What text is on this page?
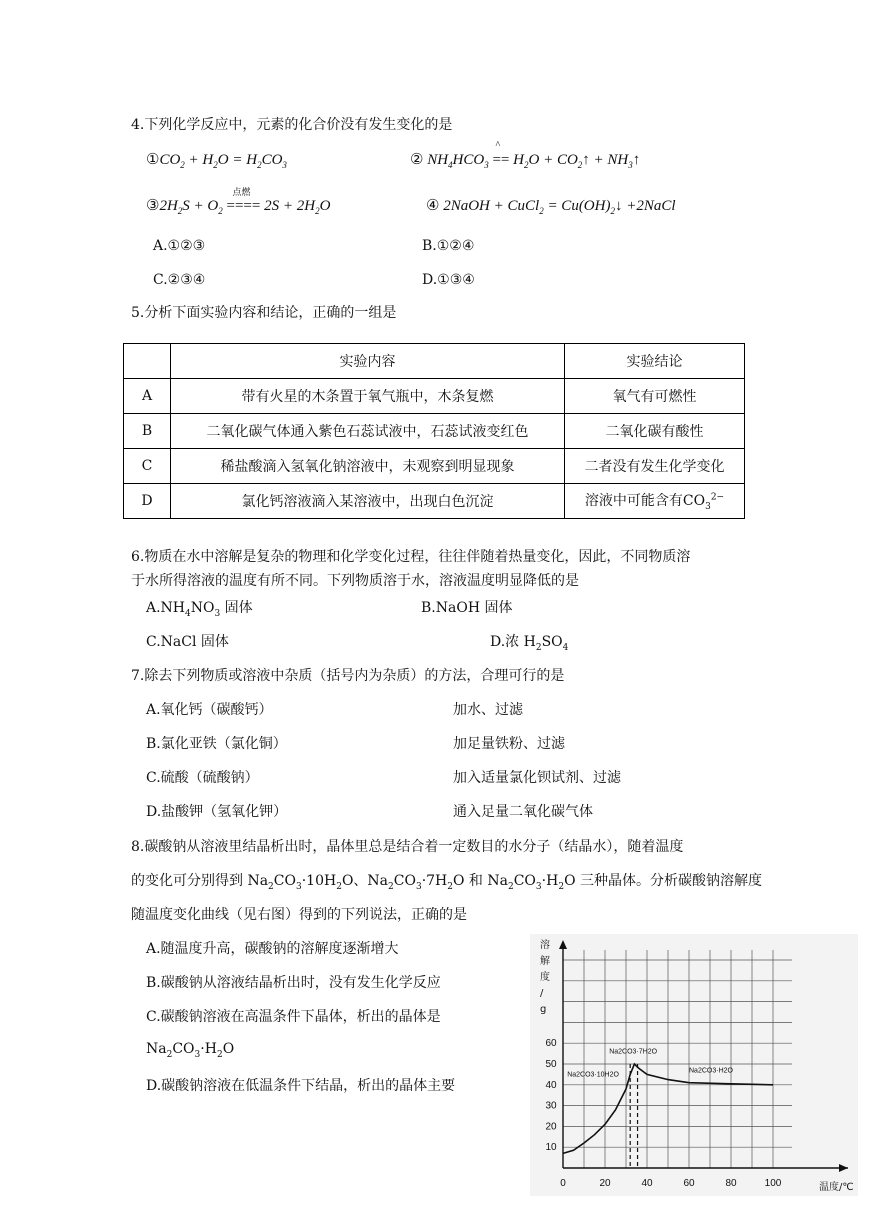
4.下列化学反应中，元素的化合价没有发生变化的是
$①CO_2 + H_2O = H_2CO_3$	② $NH_4HCO_3$
^
== $H_2O$ + $CO_2↑$ + $NH_3↑$
$③2H_2S + O_2$
点燃
==== $2S + 2H_2O$	④ 2NaOH + CuCl$_2$ = $Cu(OH)_2↓$ +2NaCl
A.①②③	B.①②④
C.②③④	D.①③④
5.分析下面实验内容和结论，正确的一组是
	实验内容	实验结论
A	带有火星的木条置于氧气瓶中，木条复燃	氧气有可燃性
B	二氧化碳气体通入紫色石蕊试液中，石蕊试液变红色	二氧化碳有酸性
C	稀盐酸滴入氢氧化钠溶液中，未观察到明显现象	二者没有发生化学变化
D	氯化钙溶液滴入某溶液中，出现白色沉淀	溶液中可能含有$CO_3^{2-}$
6.物质在水中溶解是复杂的物理和化学变化过程，往往伴随着热量变化，因此，不同物质溶
于水所得溶液的温度有所不同。下列物质溶于水，溶液温度明显降低的是
$A.NH_4NO_3$ 固体	B.NaOH 固体
C.NaCl 固体	D.浓 $H_2SO_4$
7.除去下列物质或溶液中杂质（括号内为杂质）的方法，合理可行的是
A.氧化钙（碳酸钙）	加水、过滤
B.氯化亚铁（氯化铜）	加足量铁粉、过滤
C.硫酸（硫酸钠）	加入适量氯化钡试剂、过滤
D.盐酸钾（氢氧化钾）	通入足量二氧化碳气体
8.碳酸钠从溶液里结晶析出时，晶体里总是结合着一定数目的水分子（结晶水），随着温度
的变化可分别得到 $Na_2CO_3\cdot 10H_2O$、$Na_2CO_3\cdot 7H_2O$ 和 $Na_2CO_3\cdot H_2O$ 三种晶体。分析碳酸钠溶解度
随温度变化曲线（见右图）得到的下列说法，正确的是
A.随温度升高，碳酸钠的溶解度逐渐增大
B.碳酸钠从溶液结晶析出时，没有发生化学反应
C.碳酸钠溶液在高温条件下晶体，析出的晶体是
$Na_2CO_3\cdot H_2O$
D.碳酸钠溶液在低温条件下结晶，析出的晶体主要
0	20	40	60	80	100
10
20
30
40
50
60
温度/℃
溶
解
度
/
g
Na2CO3·10H2O
Na2CO3·7H2O
Na2CO3·H2O
